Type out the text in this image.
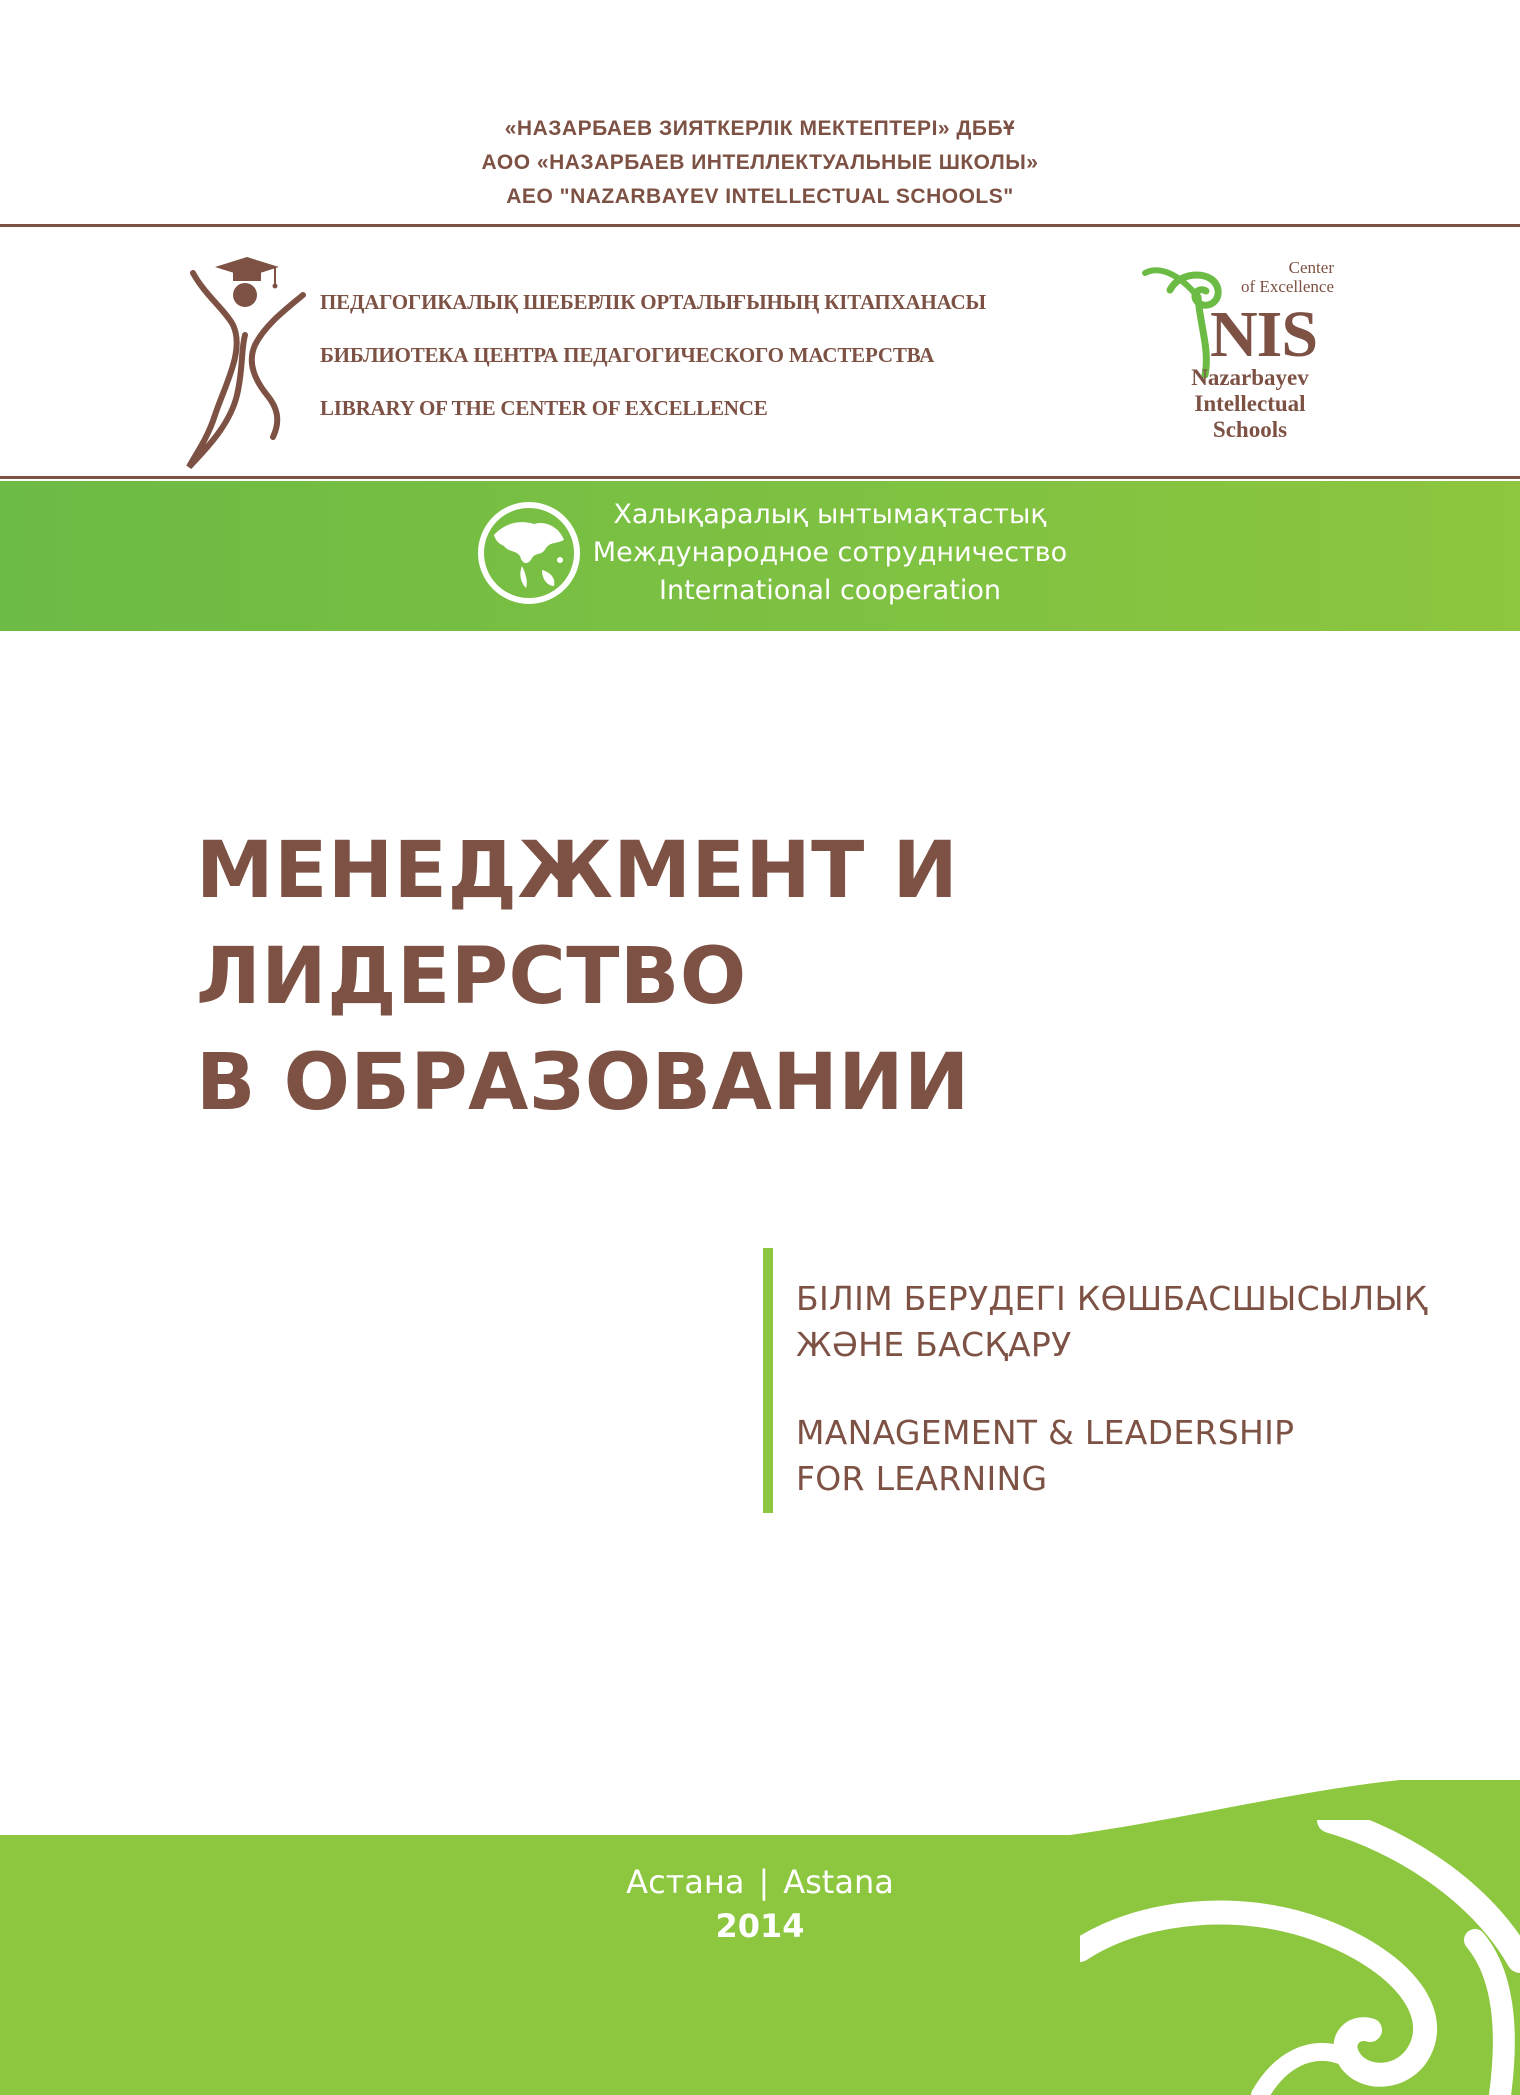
«НАЗАРБАЕВ ЗИЯТКЕРЛІК МЕКТЕПТЕРІ» ДББҰ
АОО «НАЗАРБАЕВ ИНТЕЛЛЕКТУАЛЬНЫЕ ШКОЛЫ»
AEO "NAZARBAYEV INTELLECTUAL SCHOOLS"
ПЕДАГОГИКАЛЫҚ ШЕБЕРЛІК ОРТАЛЫҒЫНЫҢ КІТАПХАНАСЫ
БИБЛИОТЕКА ЦЕНТРА ПЕДАГОГИЧЕСКОГО МАСТЕРСТВА
LIBRARY OF THE CENTER OF EXCELLENCE
Center
of Excellence
NIS
Nazarbayev
Intellectual
Schools
Халықаралық ынтымақтастық
Международное сотрудничество
International cooperation
МЕНЕДЖМЕНТ И ЛИДЕРСТВО
В ОБРАЗОВАНИИ
БІЛІМ БЕРУДЕГІ КӨШБАСШЫСЫЛЫҚ
ЖӘНЕ БАСҚАРУ
MANAGEMENT & LEADERSHIP
FOR LEARNING
Астана | Astana
2014
